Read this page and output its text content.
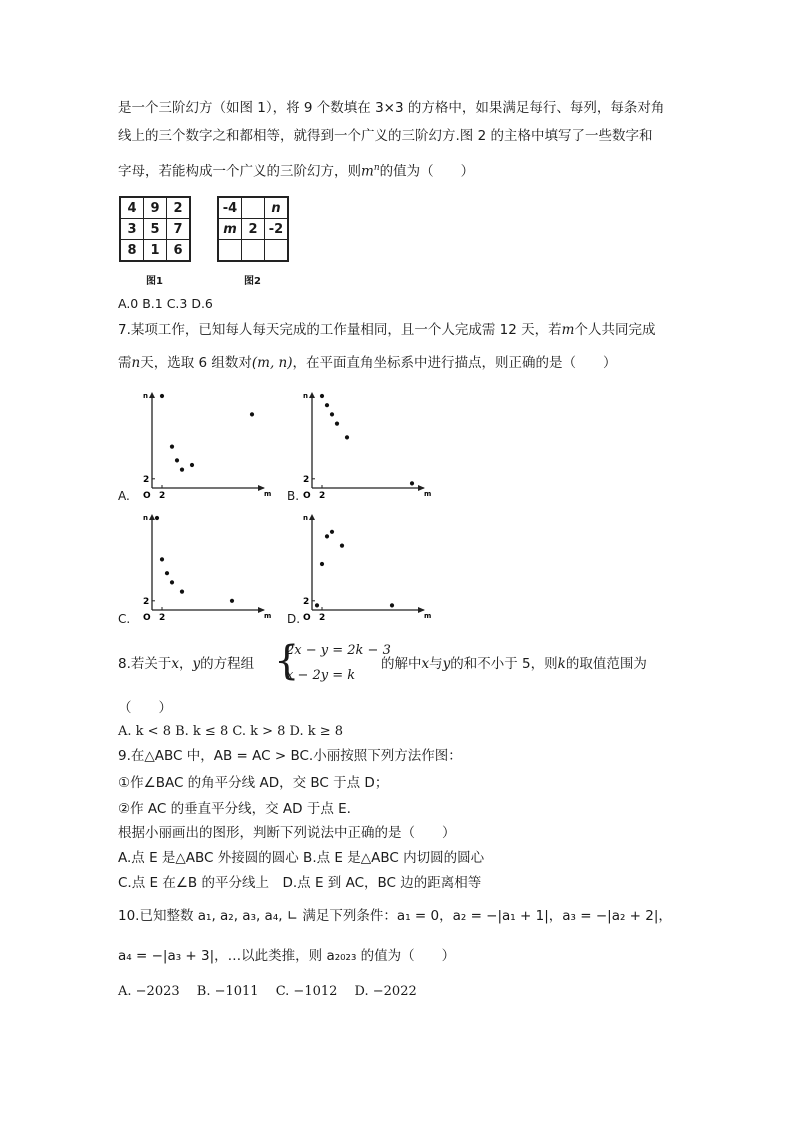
是一个三阶幻方（如图 1），将 9 个数填在 3×3 的方格中，如果满足每行、每列，每条对角
线上的三个数字之和都相等，就得到一个广义的三阶幻方.图 2 的主格中填写了一些数字和
字母，若能构成一个广义的三阶幻方，则$m^n$的值为（　　）
4	9	2
3	5	7
8	1	6
-4		n
m	2	-2

图1	图2
A.0 B.1 C.3 D.6
7.某项工作，已知每人每天完成的工作量相同，且一个人完成需 12 天，若m个人共同完成
需n天，选取 6 组数对(m, n)，在平面直角坐标系中进行描点，则正确的是（　　）
A.	B.
C.	D.
n
m
O 2
2
n
m
O 2
2
n
m
O 2
2
n
m
O 2
2
8.若关于x，y的方程组 {
2x − y = 2k − 3
x − 2y = k
的解中x与y的和不小于 5，则k的取值范围为
（　　）
A. k < 8 B. k ≤ 8 C. k > 8 D. k ≥ 8
9.在△ABC 中，AB = AC > BC.小丽按照下列方法作图：
①作∠BAC 的角平分线 AD，交 BC 于点 D；
②作 AC 的垂直平分线，交 AD 于点 E.
根据小丽画出的图形，判断下列说法中正确的是（　　）
A.点 E 是△ABC 外接圆的圆心 B.点 E 是△ABC 内切圆的圆心
C.点 E 在∠B 的平分线上　D.点 E 到 AC，BC 边的距离相等
10.已知整数 a₁, a₂, a₃, a₄, ∟ 满足下列条件：a₁ = 0，a₂ = −|a₁ + 1|，a₃ = −|a₂ + 2|，
a₄ = −|a₃ + 3|，…以此类推，则 a₂₀₂₃ 的值为（　　）
A. −2023　 B. −1011　 C. −1012　 D. −2022
